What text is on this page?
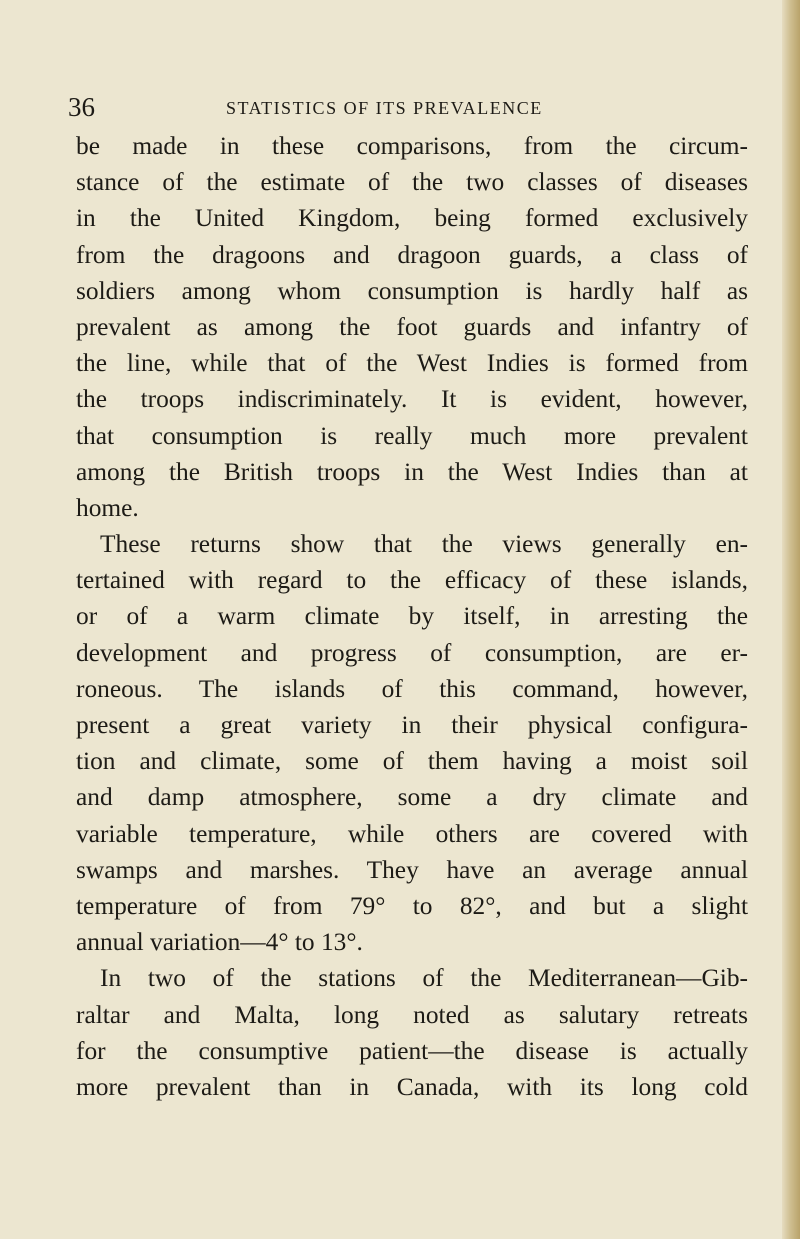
36	STATISTICS OF ITS PREVALENCE
be made in these comparisons, from the circum-
stance of the estimate of the two classes of diseases
in the United Kingdom, being formed exclusively
from the dragoons and dragoon guards, a class of
soldiers among whom consumption is hardly half as
prevalent as among the foot guards and infantry of
the line, while that of the West Indies is formed from
the troops indiscriminately. It is evident, however,
that consumption is really much more prevalent
among the British troops in the West Indies than at
home.
These returns show that the views generally en-
tertained with regard to the efficacy of these islands,
or of a warm climate by itself, in arresting the
development and progress of consumption, are er-
roneous. The islands of this command, however,
present a great variety in their physical configura-
tion and climate, some of them having a moist soil
and damp atmosphere, some a dry climate and
variable temperature, while others are covered with
swamps and marshes. They have an average annual
temperature of from 79° to 82°, and but a slight
annual variation—4° to 13°.
In two of the stations of the Mediterranean—Gib-
raltar and Malta, long noted as salutary retreats
for the consumptive patient—the disease is actually
more prevalent than in Canada, with its long cold
